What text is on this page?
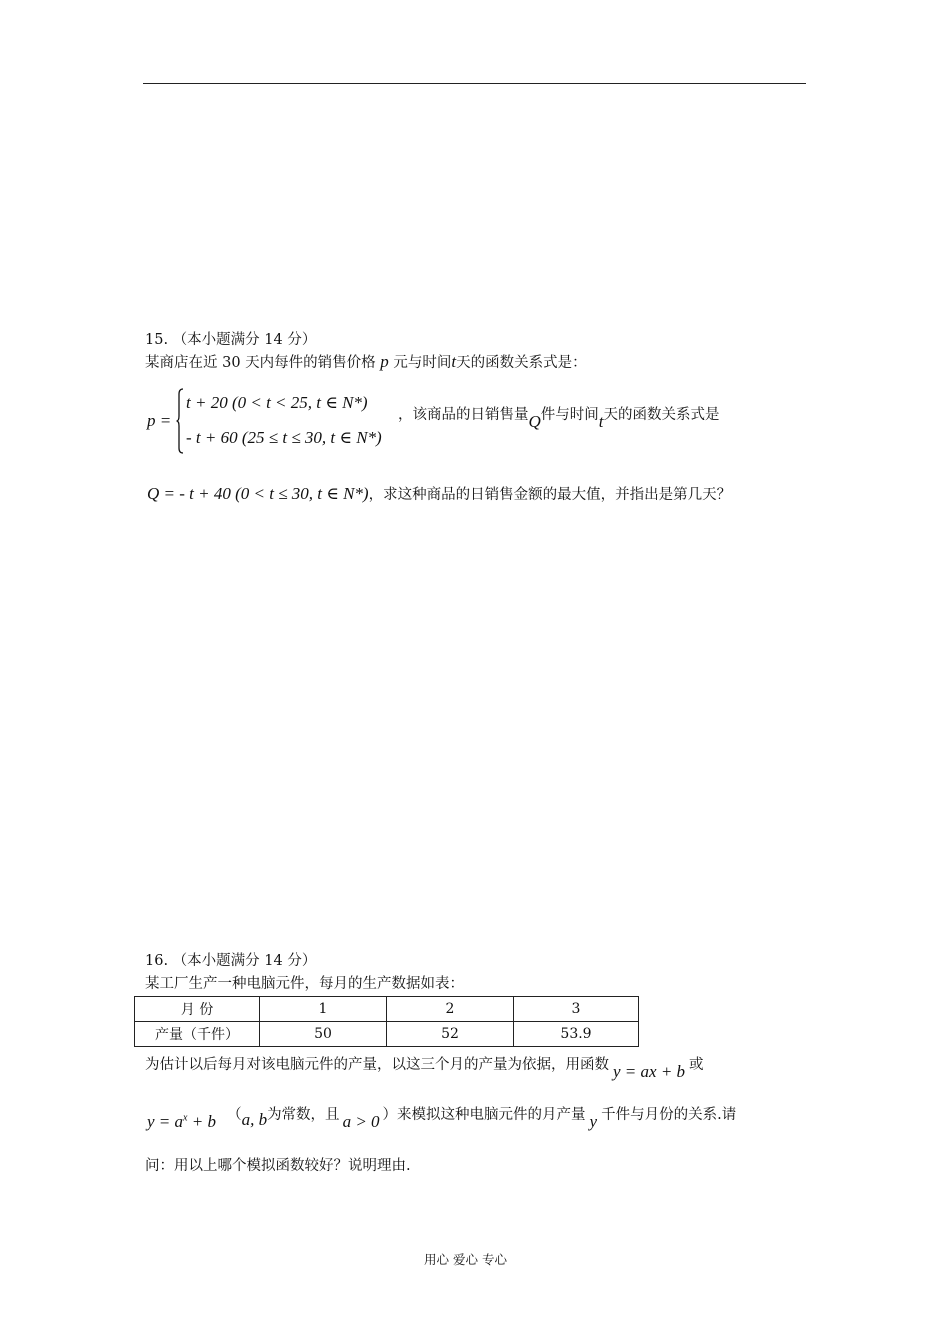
15. （本小题满分 14 分）
某商店在近 30 天内每件的销售价格 p 元与时间t天的函数关系式是：
p =
t + 20 (0 < t < 25, t ∈ N*)
- t + 60 (25 ≤ t ≤ 30, t ∈ N*)
，该商品的日销售量Q件与时间t天的函数关系式是
Q = - t + 40 (0 < t ≤ 30, t ∈ N*)，求这种商品的日销售金额的最大值，并指出是第几天？
16. （本小题满分 14 分）
某工厂生产一种电脑元件，每月的生产数据如表：
月 份	1	2	3
产量（千件）	50	52	53.9
为估计以后每月对该电脑元件的产量，以这三个月的产量为依据，用函数 y = ax + b 或
$y = a^x + b$ （a, b为常数，且 a > 0 ）来模拟这种电脑元件的月产量 y 千件与月份的关系.请
问：用以上哪个模拟函数较好？说明理由.
用心 爱心 专心
